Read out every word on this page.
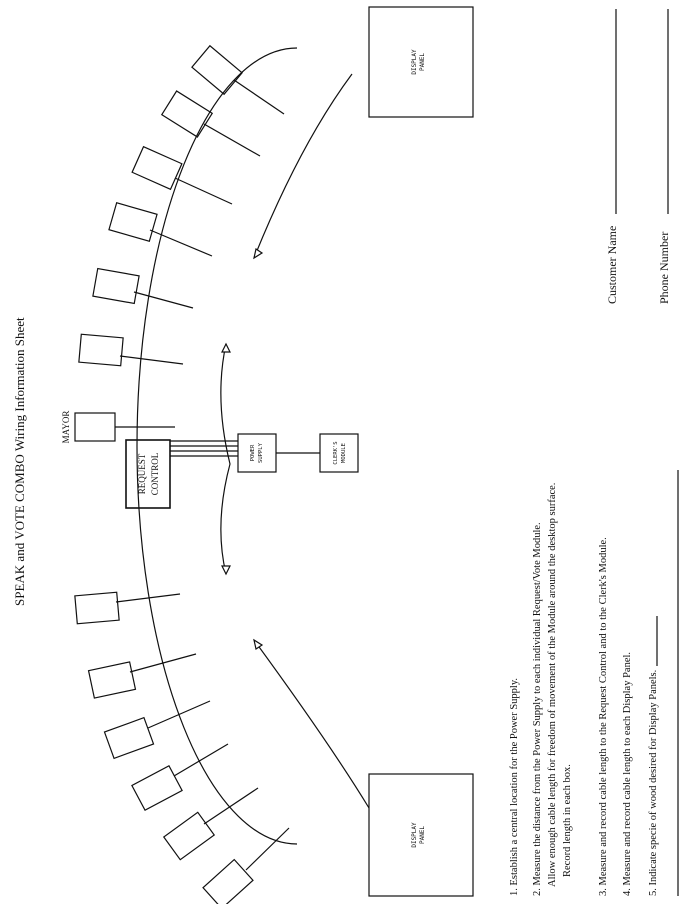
SPEAK and VOTE COMBO Wiring Information Sheet	MAYOR
REQUEST CONTROL	POWER SUPPLY	CLERK'S MODULE
DISPLAY PANEL
DISPLAY PANEL
1. Establish a central location for the Power Supply. 2. Measure the distance from the Power Supply to each individual Request/Vote Module. Allow enough cable length for freedom of movement of the Module around the desktop surface. Record length in each box. 3. Measure and record cable length to the Request Control and to the Clerk's Module. 4. Measure and record cable length to each Display Panel. 5. Indicate specie of wood desired for Display Panels.
Customer Name	Phone Number
